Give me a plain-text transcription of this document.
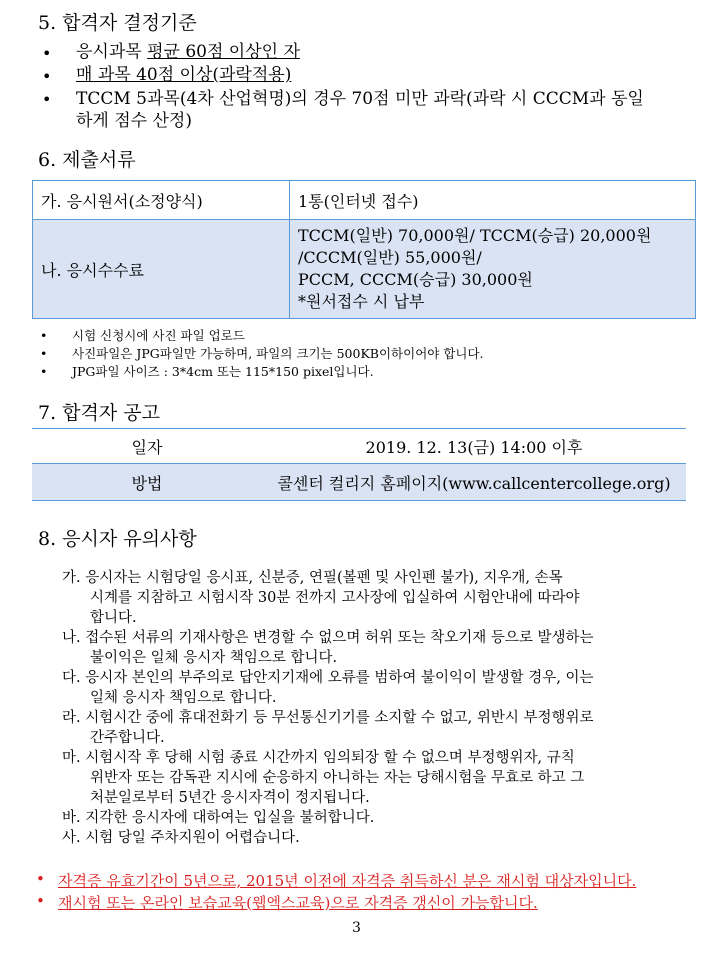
5. 합격자 결정기준
• 응시과목 평균 60점 이상인 자
• 매 과목 40점 이상(과락적용)
• TCCM 5과목(4차 산업혁명)의 경우 70점 미만 과락(과락 시 CCCM과 동일
하게 점수 산정)
6. 제출서류
가. 응시원서(소정양식)	1통(인터넷 접수)
나. 응시수수료	TCCM(일반) 70,000원/ TCCM(승급) 20,000원
/CCCM(일반) 55,000원/
PCCM, CCCM(승급) 30,000원
*원서접수 시 납부
• 시험 신청시에 사진 파일 업로드
• 사진파일은 JPG파일만 가능하며, 파일의 크기는 500KB이하이어야 합니다.
• JPG파일 사이즈 : 3*4cm 또는 115*150 pixel입니다.
7. 합격자 공고
일자	2019. 12. 13(금) 14:00 이후
방법	콜센터 컬리지 홈페이지(www.callcentercollege.org)
8. 응시자 유의사항
가. 응시자는 시험당일 응시표, 신분증, 연필(볼펜 및 사인펜 불가), 지우개, 손목
시계를 지참하고 시험시작 30분 전까지 고사장에 입실하여 시험안내에 따라야
합니다.
나. 접수된 서류의 기재사항은 변경할 수 없으며 허위 또는 착오기재 등으로 발생하는
불이익은 일체 응시자 책임으로 합니다.
다. 응시자 본인의 부주의로 답안지기재에 오류를 범하여 불이익이 발생할 경우, 이는
일체 응시자 책임으로 합니다.
라. 시험시간 중에 휴대전화기 등 무선통신기기를 소지할 수 없고, 위반시 부정행위로
간주합니다.
마. 시험시작 후 당해 시험 종료 시간까지 임의퇴장 할 수 없으며 부정행위자, 규칙
위반자 또는 감독관 지시에 순응하지 아니하는 자는 당해시험을 무효로 하고 그
처분일로부터 5년간 응시자격이 정지됩니다.
바. 지각한 응시자에 대하여는 입실을 불허합니다.
사. 시험 당일 주차지원이 어렵습니다.
• 자격증 유효기간이 5년으로, 2015년 이전에 자격증 취득하신 분은 재시험 대상자입니다.
• 재시험 또는 온라인 보습교육(웹엑스교육)으로 자격증 갱신이 가능합니다.
3
